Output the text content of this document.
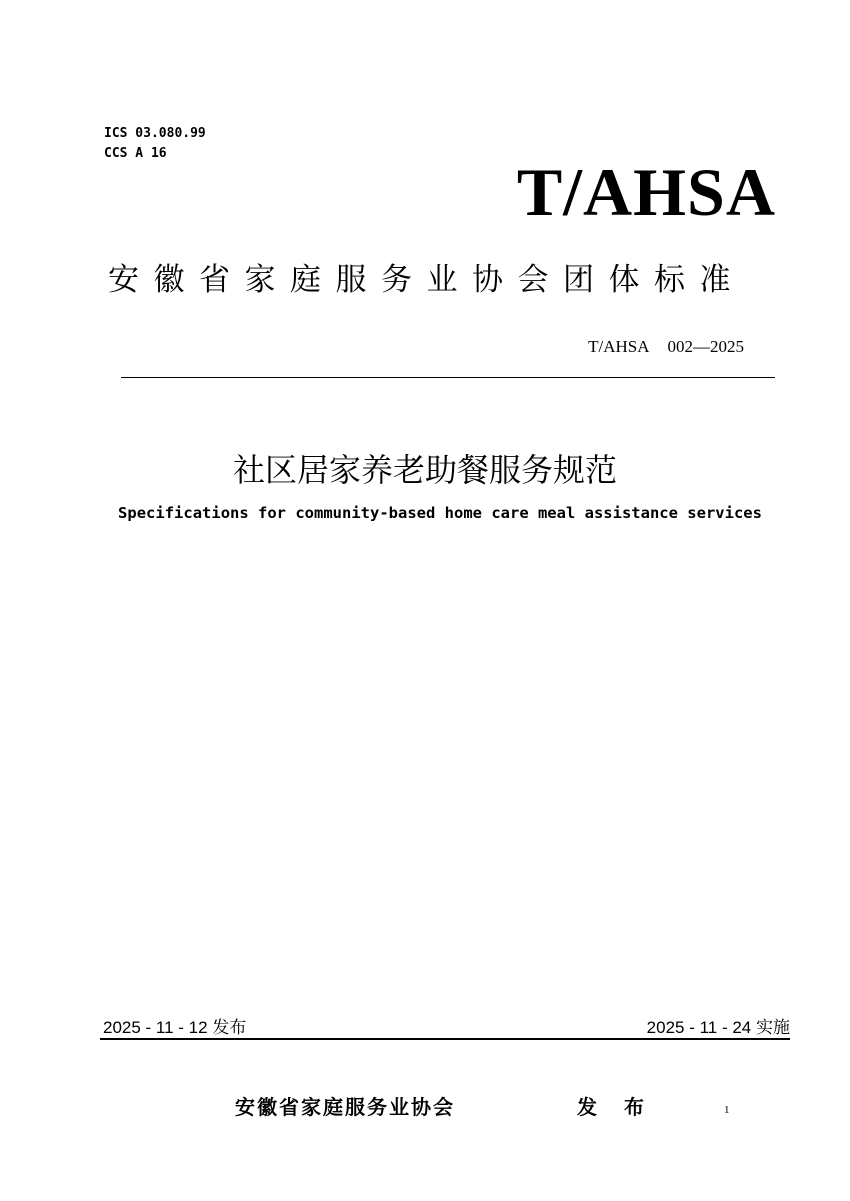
ICS 03.080.99
CCS A 16
T/AHSA
安徽省家庭服务业协会团体标准
T/AHSA 002—2025
社区居家养老助餐服务规范
Specifications for community-based home care meal assistance services
2025 - 11 - 12 发布	2025 - 11 - 24 实施
安徽省家庭服务业协会	发 布	1
